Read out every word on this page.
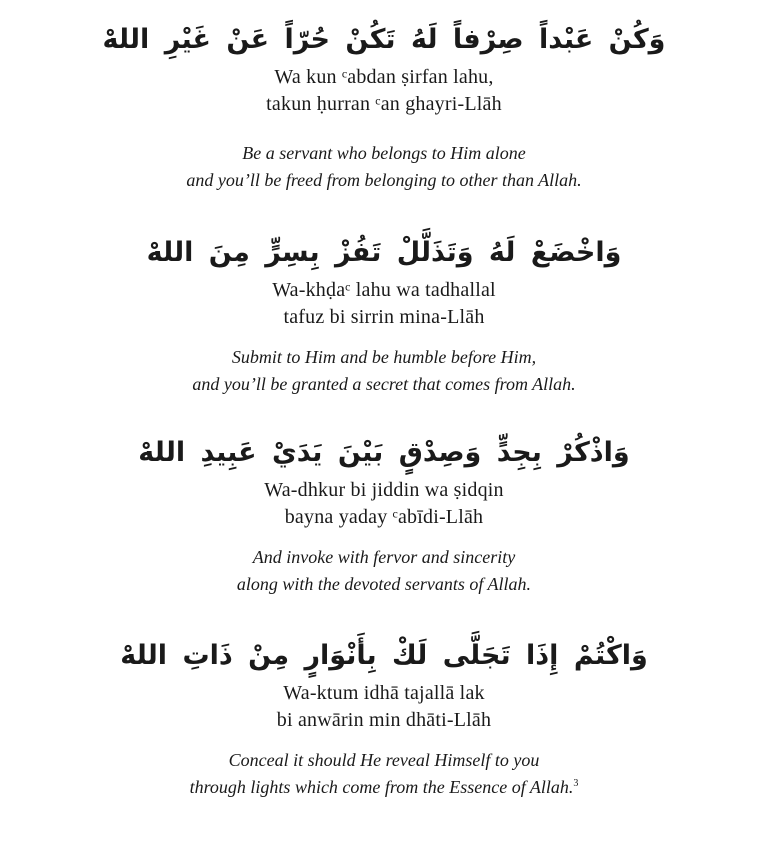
وَكُنْ عَبْداً صِرْفاً لَهُ تَكُنْ حُرّاً عَنْ غَيْرِ اللهْ
Wa kun ᶜabdan ṣirfan lahu,
takun ḥurran ᶜan ghayri-Llāh
Be a servant who belongs to Him alone
and you’ll be freed from belonging to other than Allah.
وَاخْضَعْ لَهُ وَتَذَلَّلْ تَفُزْ بِسِرٍّ مِنَ اللهْ
Wa-khḍaᶜ lahu wa tadhallal
tafuz bi sirrin mina-Llāh
Submit to Him and be humble before Him,
and you’ll be granted a secret that comes from Allah.
وَاذْكُرْ بِجِدٍّ وَصِدْقٍ بَيْنَ يَدَيْ عَبِيدِ اللهْ
Wa-dhkur bi jiddin wa ṣidqin
bayna yaday ᶜabīdi-Llāh
And invoke with fervor and sincerity
along with the devoted servants of Allah.
وَاكْتُمْ إِذَا تَجَلَّى لَكْ بِأَنْوَارٍ مِنْ ذَاتِ اللهْ
Wa-ktum idhā tajallā lak
bi anwārin min dhāti-Llāh
Conceal it should He reveal Himself to you
through lights which come from the Essence of Allah.$^3$
